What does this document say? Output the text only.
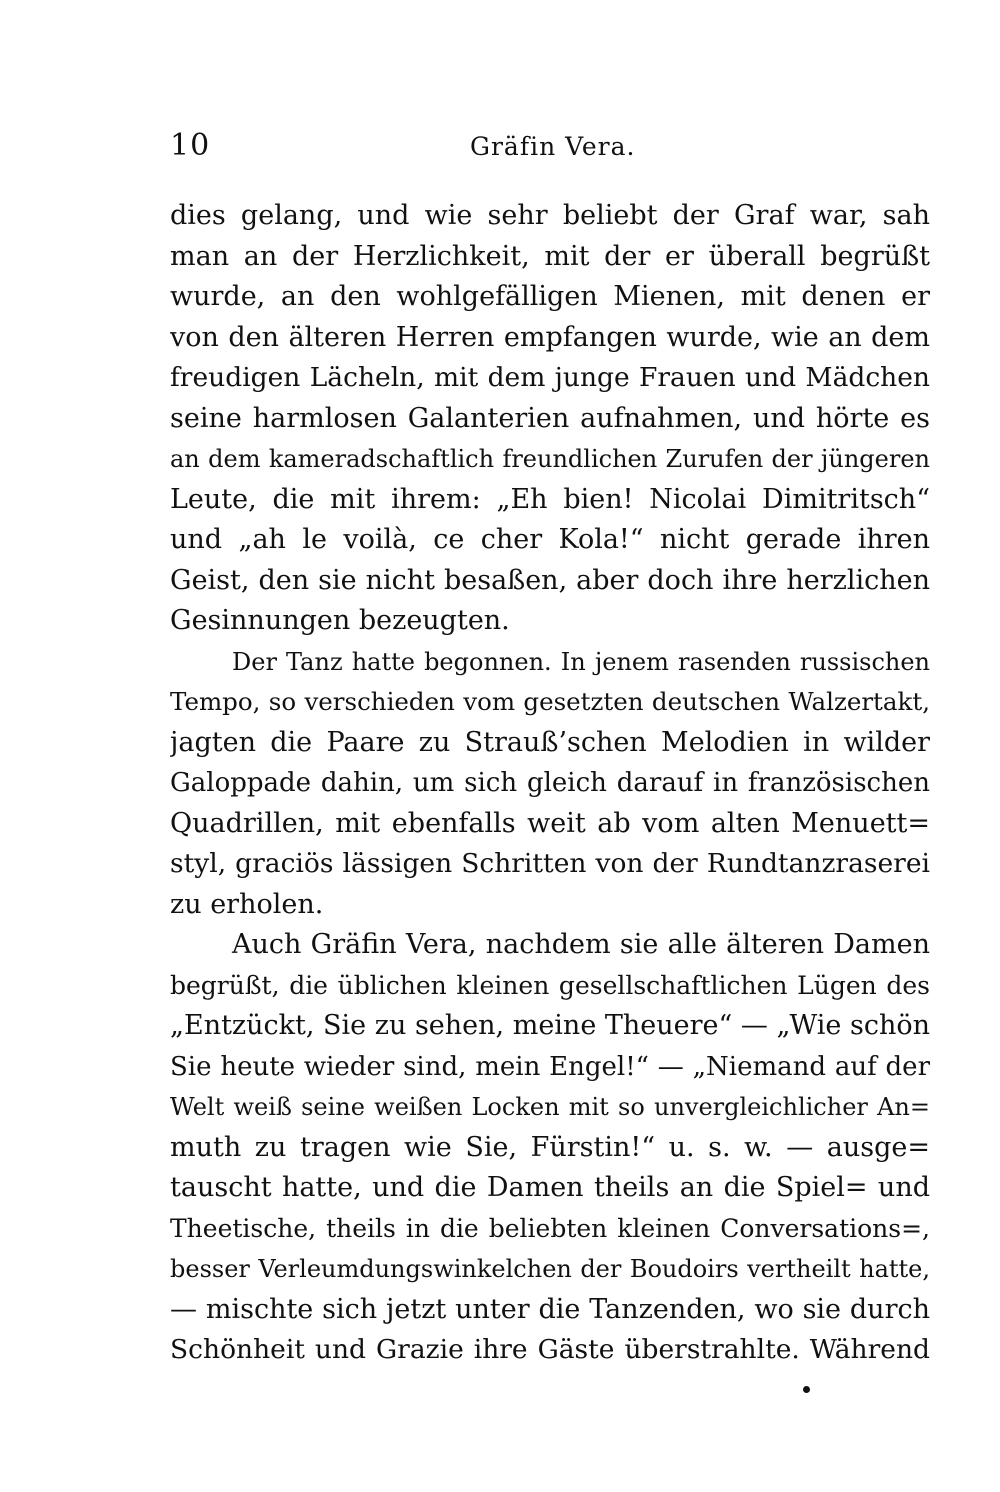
10	Gräfin Vera.
dies gelang, und wie sehr beliebt der Graf war, sah
man an der Herzlichkeit, mit der er überall begrüßt
wurde, an den wohlgefälligen Mienen, mit denen er
von den älteren Herren empfangen wurde, wie an dem
freudigen Lächeln, mit dem junge Frauen und Mädchen
seine harmlosen Galanterien aufnahmen, und hörte es
an dem kameradschaftlich freundlichen Zurufen der jüngeren
Leute, die mit ihrem: „Eh bien! Nicolai Dimitritsch“
und „ah le voilà, ce cher Kola!“ nicht gerade ihren
Geist, den sie nicht besaßen, aber doch ihre herzlichen
Gesinnungen bezeugten.
Der Tanz hatte begonnen. In jenem rasenden russischen
Tempo, so verschieden vom gesetzten deutschen Walzertakt,
jagten die Paare zu Strauß’schen Melodien in wilder
Galoppade dahin, um sich gleich darauf in französischen
Quadrillen, mit ebenfalls weit ab vom alten Menuett=
styl, graciös lässigen Schritten von der Rundtanzraserei
zu erholen.
Auch Gräfin Vera, nachdem sie alle älteren Damen
begrüßt, die üblichen kleinen gesellschaftlichen Lügen des
„Entzückt, Sie zu sehen, meine Theuere“ — „Wie schön
Sie heute wieder sind, mein Engel!“ — „Niemand auf der
Welt weiß seine weißen Locken mit so unvergleichlicher An=
muth zu tragen wie Sie, Fürstin!“ u. s. w. — ausge=
tauscht hatte, und die Damen theils an die Spiel= und
Theetische, theils in die beliebten kleinen Conversations=,
besser Verleumdungswinkelchen der Boudoirs vertheilt hatte,
— mischte sich jetzt unter die Tanzenden, wo sie durch
Schönheit und Grazie ihre Gäste überstrahlte. Während
